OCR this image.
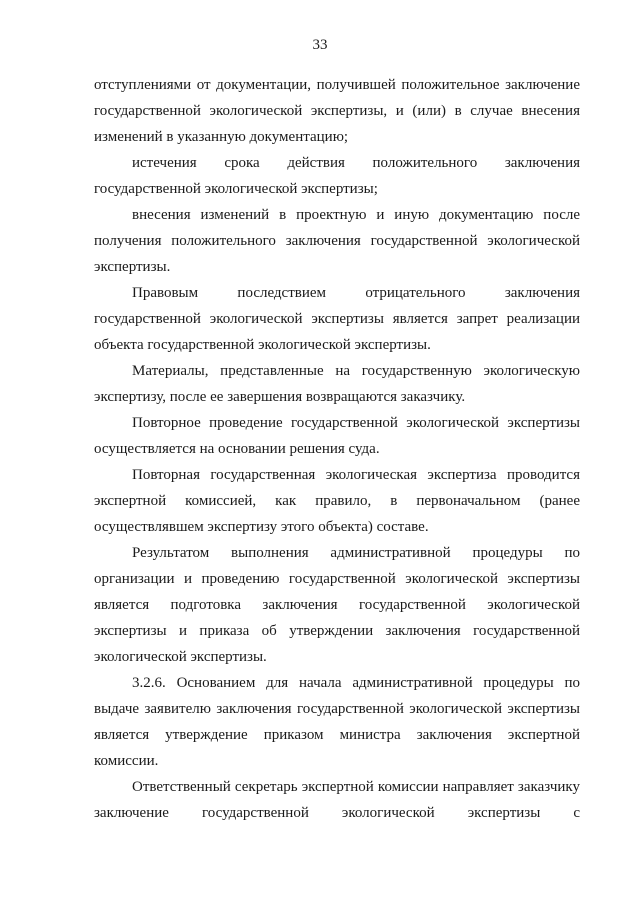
33

отступлениями от документации, получившей положительное заключение государственной экологической экспертизы, и (или) в случае внесения изменений в указанную документацию;

истечения срока действия положительного заключения государственной экологической экспертизы;

внесения изменений в проектную и иную документацию после получения положительного заключения государственной экологической экспертизы.

Правовым последствием отрицательного заключения государственной экологической экспертизы является запрет реализации объекта государственной экологической экспертизы.

Материалы, представленные на государственную экологическую экспертизу, после ее завершения возвращаются заказчику.

Повторное проведение государственной экологической экспертизы осуществляется на основании решения суда.

Повторная государственная экологическая экспертиза проводится экспертной комиссией, как правило, в первоначальном (ранее осуществлявшем экспертизу этого объекта) составе.

Результатом выполнения административной процедуры по организации и проведению государственной экологической экспертизы является подготовка заключения государственной экологической экспертизы и приказа об утверждении заключения государственной экологической экспертизы.

3.2.6. Основанием для начала административной процедуры по выдаче заявителю заключения государственной экологической экспертизы является утверждение приказом министра заключения экспертной комиссии.

Ответственный секретарь экспертной комиссии направляет заказчику заключение государственной экологической экспертизы с
